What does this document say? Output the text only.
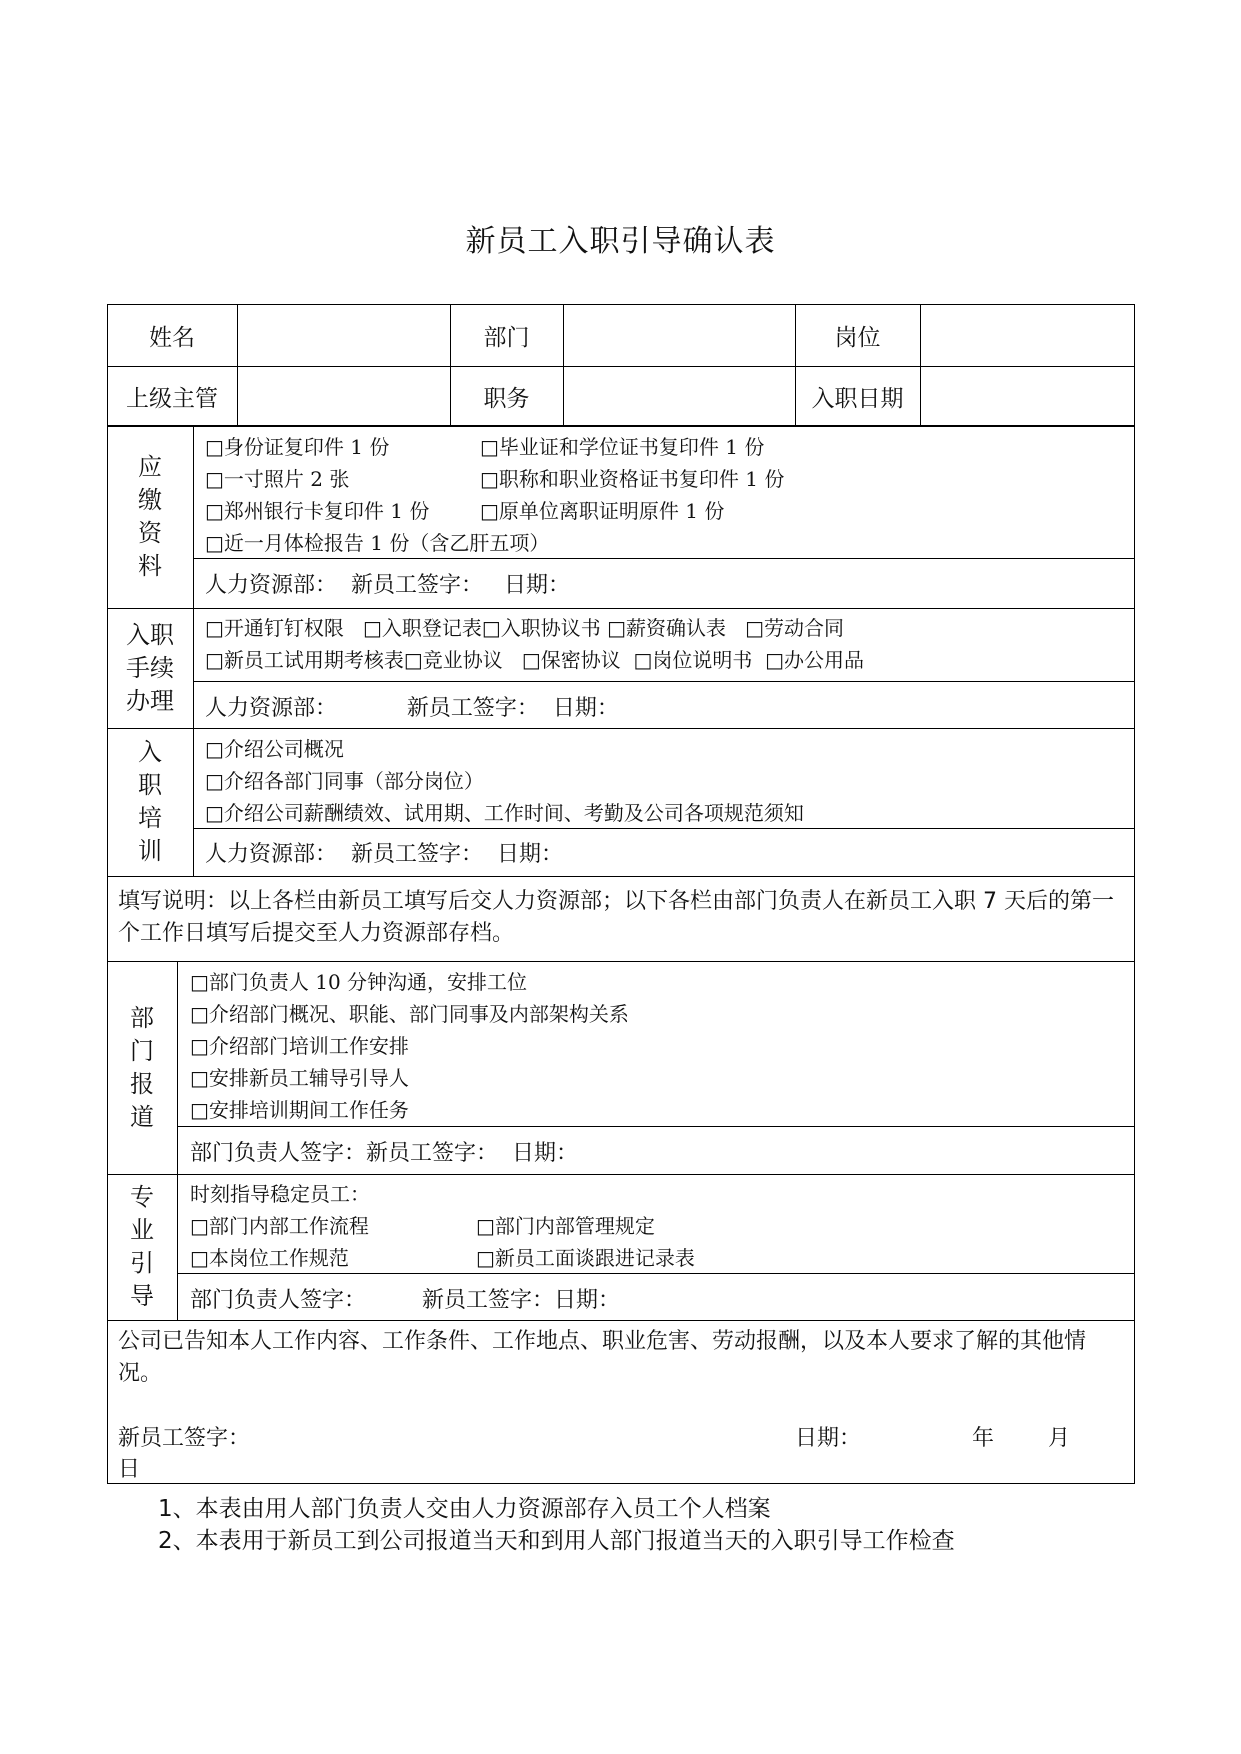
新员工入职引导确认表
姓名	部门	岗位
上级主管	职务	入职日期
应
缴
资
料
□身份证复印件 1 份	□毕业证和学位证书复印件 1 份
□一寸照片 2 张	□职称和职业资格证书复印件 1 份
□郑州银行卡复印件 1 份	□原单位离职证明原件 1 份
□近一月体检报告 1 份（含乙肝五项）
人力资源部：  新员工签字：   日期：
入职
手续
办理
□开通钉钉权限   □入职登记表□入职协议书 □薪资确认表   □劳动合同
□新员工试用期考核表□竞业协议   □保密协议  □岗位说明书  □办公用品
人力资源部：          新员工签字：  日期：
入
职
培
训
□介绍公司概况
□介绍各部门同事（部分岗位）
□介绍公司薪酬绩效、试用期、工作时间、考勤及公司各项规范须知
人力资源部：  新员工签字：  日期：
填写说明：以上各栏由新员工填写后交人力资源部；以下各栏由部门负责人在新员工入职 7 天后的第一个工作日填写后提交至人力资源部存档。
部
门
报
道
□部门负责人 10 分钟沟通，安排工位
□介绍部门概况、职能、部门同事及内部架构关系
□介绍部门培训工作安排
□安排新员工辅导引导人
□安排培训期间工作任务
部门负责人签字：新员工签字：  日期：
专
业
引
导
时刻指导稳定员工：
□部门内部工作流程	□部门内部管理规定
□本岗位工作规范	□新员工面谈跟进记录表
部门负责人签字：        新员工签字：日期：
公司已告知本人工作内容、工作条件、工作地点、职业危害、劳动报酬，以及本人要求了解的其他情况。
新员工签字：	日期：	年 月
日
1、本表由用人部门负责人交由人力资源部存入员工个人档案
2、本表用于新员工到公司报道当天和到用人部门报道当天的入职引导工作检查
